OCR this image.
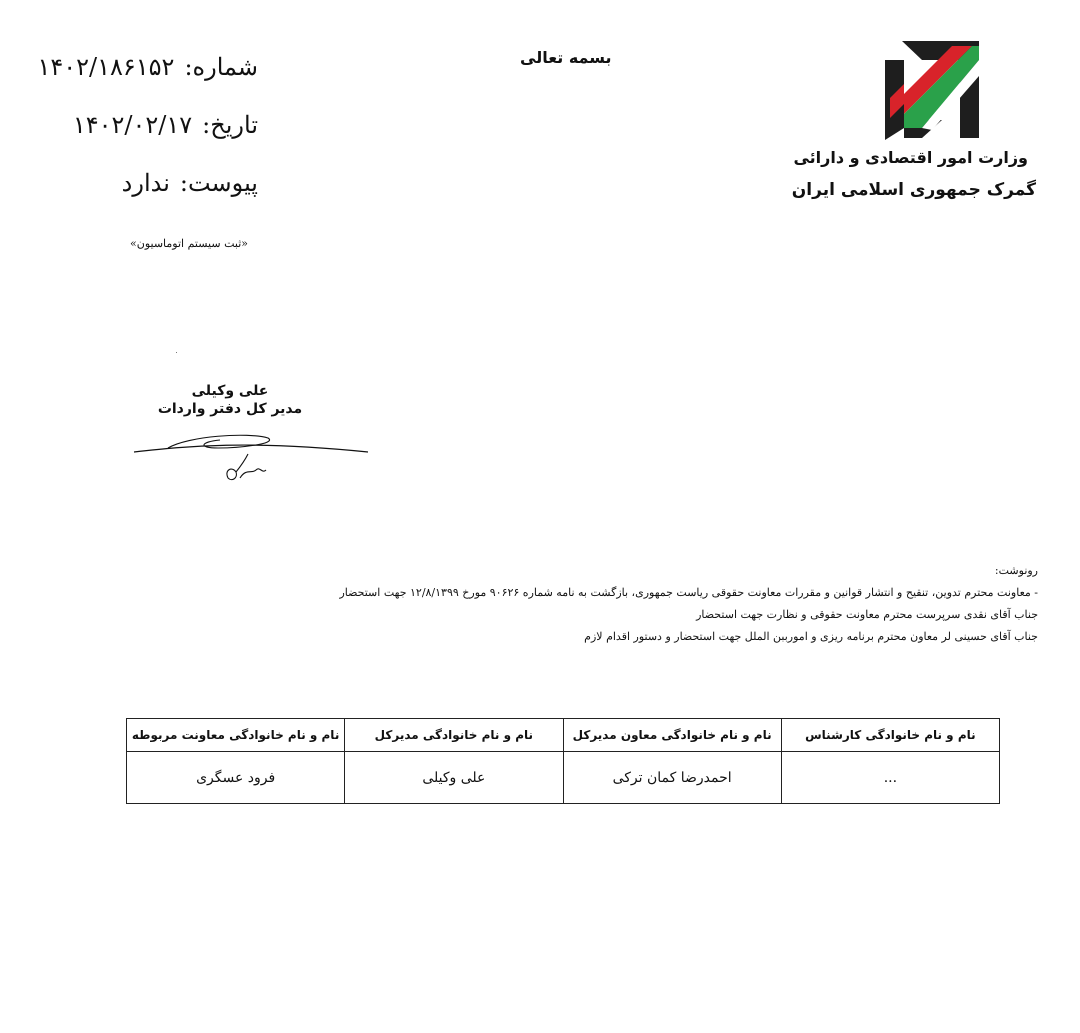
وزارت امور اقتصادی و دارائی
گمرک جمهوری اسلامی ایران
بسمه تعالی
شماره:۱۴۰۲/۱۸۶۱۵۲
تاریخ:۱۴۰۲/۰۲/۱۷
پیوست:ندارد
«ثبت سیستم اتوماسیون»
علی وکیلی
مدیر کل دفتر واردات
رونوشت:
- معاونت محترم تدوین، تنقیح و انتشار قوانین و مقررات معاونت حقوقی ریاست جمهوری، بازگشت به نامه شماره ۹۰۶۲۶ مورخ ۱۲/۸/۱۳۹۹ جهت استحضار
جناب آقای نقدی سرپرست محترم معاونت حقوقی و نظارت جهت استحضار
جناب آقای حسینی لر معاون محترم برنامه ریزی و امورببن الملل جهت استحضار و دستور اقدام لازم
نام و نام خانوادگی کارشناس	نام و نام خانوادگی معاون مدیرکل	نام و نام خانوادگی مدیرکل	نام و نام خانوادگی معاونت مربوطه
...	احمدرضا کمان ترکی	علی وکیلی	فرود عسگری
